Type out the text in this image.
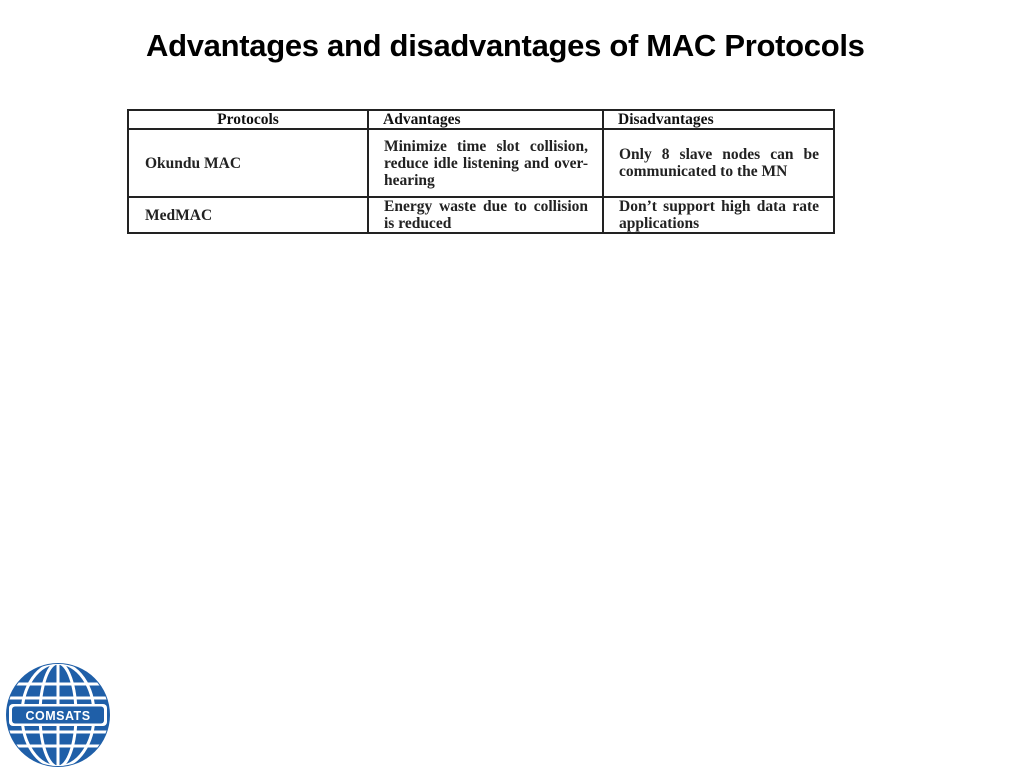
Advantages and disadvantages of MAC Protocols
Protocols	Advantages	Disadvantages
Okundu MAC	Minimize time slot collision, reduce idle listening and over-hearing	Only 8 slave nodes can be communicated to the MN
MedMAC	Energy waste due to collision is reduced	Don’t support high data rate applications
COMSATS
